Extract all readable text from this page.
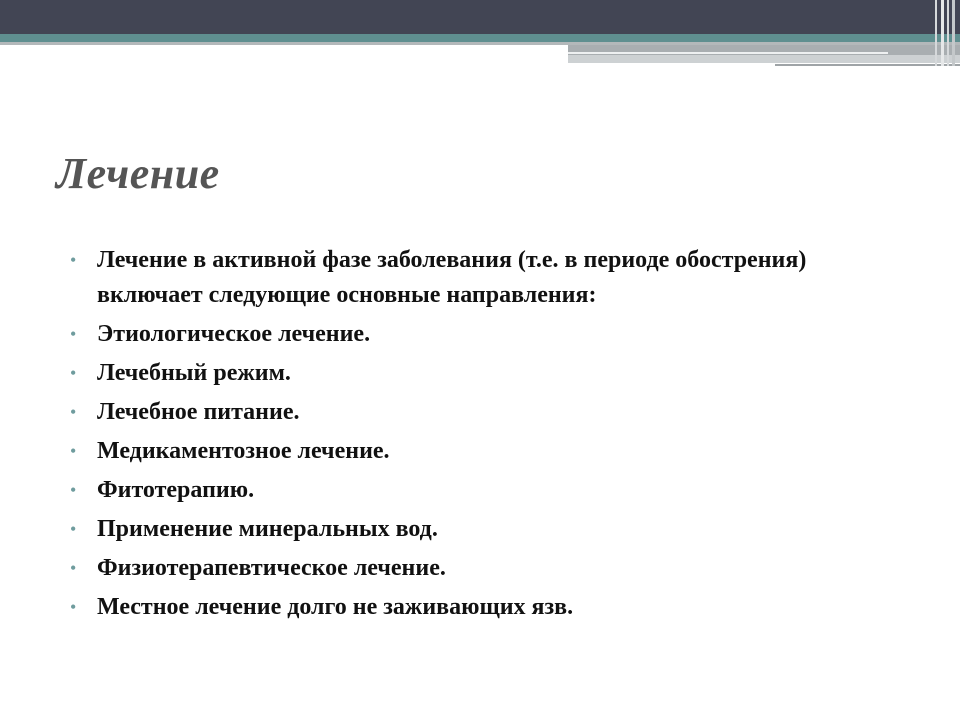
Лечение
• Лечение в активной фазе заболевания (т.е. в периоде обострения) включает следующие основные направления:
• Этиологическое лечение.
• Лечебный режим.
• Лечебное питание.
• Медикаментозное лечение.
• Фитотерапию.
• Применение минеральных вод.
• Физиотерапевтическое лечение.
• Местное лечение долго не заживающих язв.
